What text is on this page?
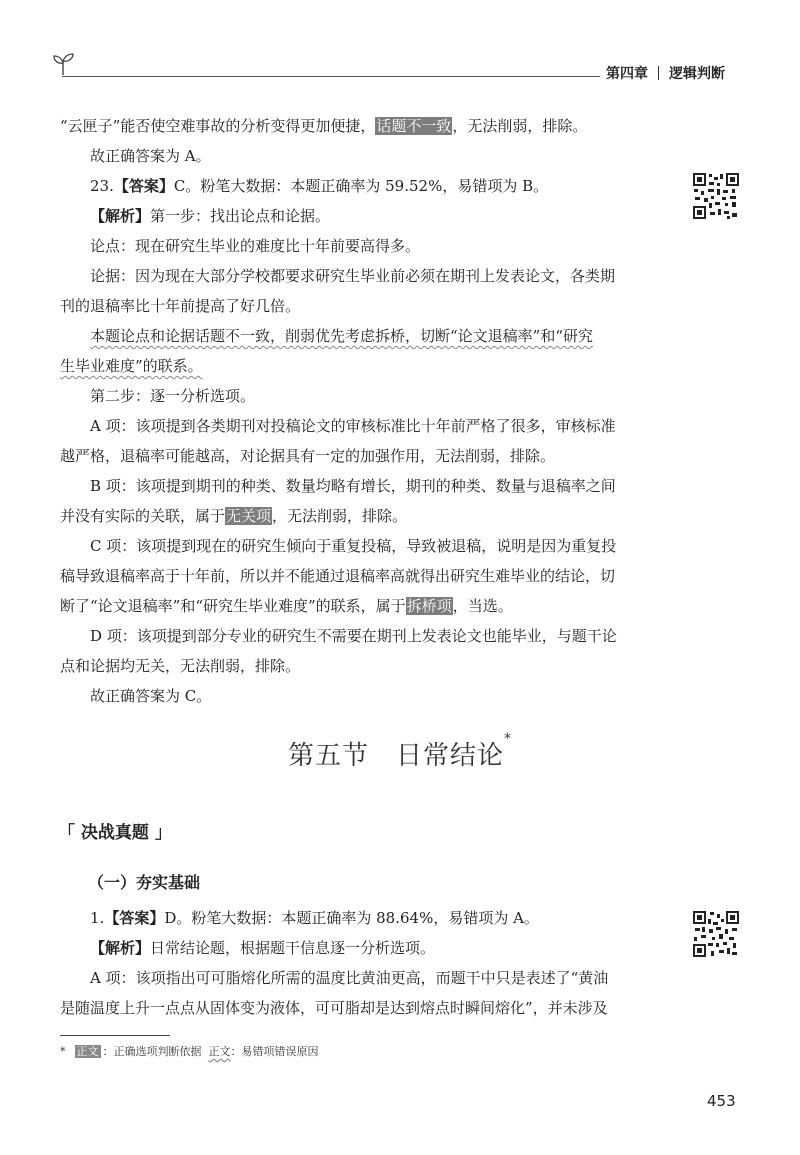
第四章 逻辑判断
“云匣子”能否使空难事故的分析变得更加便捷，话题不一致，无法削弱，排除。
故正确答案为 A。
23.【答案】C。粉笔大数据：本题正确率为 59.52%，易错项为 B。
【解析】第一步：找出论点和论据。
论点：现在研究生毕业的难度比十年前要高得多。
论据：因为现在大部分学校都要求研究生毕业前必须在期刊上发表论文，各类期
刊的退稿率比十年前提高了好几倍。
本题论点和论据话题不一致，削弱优先考虑拆桥，切断“论文退稿率”和“研究
生毕业难度”的联系。
第二步：逐一分析选项。
A 项：该项提到各类期刊对投稿论文的审核标准比十年前严格了很多，审核标准
越严格，退稿率可能越高，对论据具有一定的加强作用，无法削弱，排除。
B 项：该项提到期刊的种类、数量均略有增长，期刊的种类、数量与退稿率之间
并没有实际的关联，属于无关项，无法削弱，排除。
C 项：该项提到现在的研究生倾向于重复投稿，导致被退稿，说明是因为重复投
稿导致退稿率高于十年前，所以并不能通过退稿率高就得出研究生难毕业的结论，切
断了“论文退稿率”和“研究生毕业难度”的联系，属于拆桥项，当选。
D 项：该项提到部分专业的研究生不需要在期刊上发表论文也能毕业，与题干论
点和论据均无关，无法削弱，排除。
故正确答案为 C。
第五节　日常结论*
「 决战真题 」
（一）夯实基础
1.【答案】D。粉笔大数据：本题正确率为 88.64%，易错项为 A。
【解析】日常结论题，根据题干信息逐一分析选项。
A 项：该项指出可可脂熔化所需的温度比黄油更高，而题干中只是表述了“黄油
是随温度上升一点点从固体变为液体，可可脂却是达到熔点时瞬间熔化”，并未涉及
* 正文 ：正确选项判断依据 正文：易错项错误原因
453
